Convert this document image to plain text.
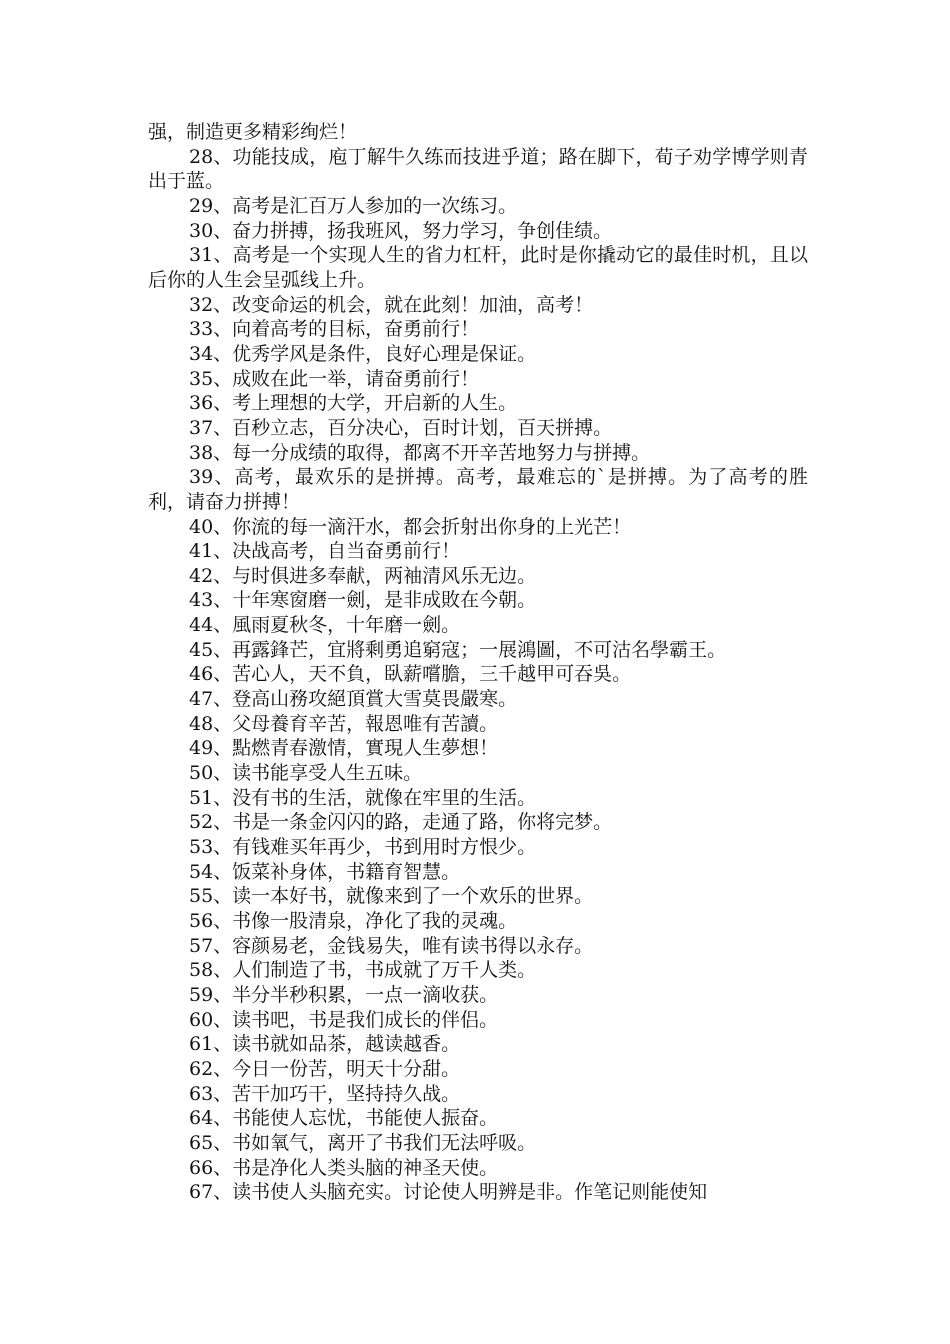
强，制造更多精彩绚烂！

28、功能技成，庖丁解牛久练而技进乎道；路在脚下，荀子劝学博学则青出于蓝。

29、高考是汇百万人参加的一次练习。

30、奋力拼搏，扬我班风，努力学习，争创佳绩。

31、高考是一个实现人生的省力杠杆，此时是你撬动它的最佳时机，且以后你的人生会呈弧线上升。

32、改变命运的机会，就在此刻！加油，高考！

33、向着高考的目标，奋勇前行！

34、优秀学风是条件，良好心理是保证。

35、成败在此一举，请奋勇前行！

36、考上理想的大学，开启新的人生。

37、百秒立志，百分决心，百时计划，百天拼搏。

38、每一分成绩的取得，都离不开辛苦地努力与拼搏。

39、高考，最欢乐的是拼搏。高考，最难忘的`是拼搏。为了高考的胜利，请奋力拼搏！

40、你流的每一滴汗水，都会折射出你身的上光芒！

41、决战高考，自当奋勇前行！

42、与时俱进多奉献，两袖清风乐无边。

43、十年寒窗磨一劍，是非成敗在今朝。

44、風雨夏秋冬，十年磨一劍。

45、再露鋒芒，宜將剩勇追窮寇；一展鴻圖，不可沽名學霸王。

46、苦心人，天不負，臥薪嚐膽，三千越甲可吞吳。

47、登高山務攻絕頂賞大雪莫畏嚴寒。

48、父母養育辛苦，報恩唯有苦讀。

49、點燃青春激情，實現人生夢想！

50、读书能享受人生五味。

51、没有书的生活，就像在牢里的生活。

52、书是一条金闪闪的路，走通了路，你将完梦。

53、有钱难买年再少，书到用时方恨少。

54、饭菜补身体，书籍育智慧。

55、读一本好书，就像来到了一个欢乐的世界。

56、书像一股清泉，净化了我的灵魂。

57、容颜易老，金钱易失，唯有读书得以永存。

58、人们制造了书，书成就了万千人类。

59、半分半秒积累，一点一滴收获。

60、读书吧，书是我们成长的伴侣。

61、读书就如品茶，越读越香。

62、今日一份苦，明天十分甜。

63、苦干加巧干，坚持持久战。

64、书能使人忘忧，书能使人振奋。

65、书如氧气，离开了书我们无法呼吸。

66、书是净化人类头脑的神圣天使。

67、读书使人头脑充实。讨论使人明辨是非。作笔记则能使知
